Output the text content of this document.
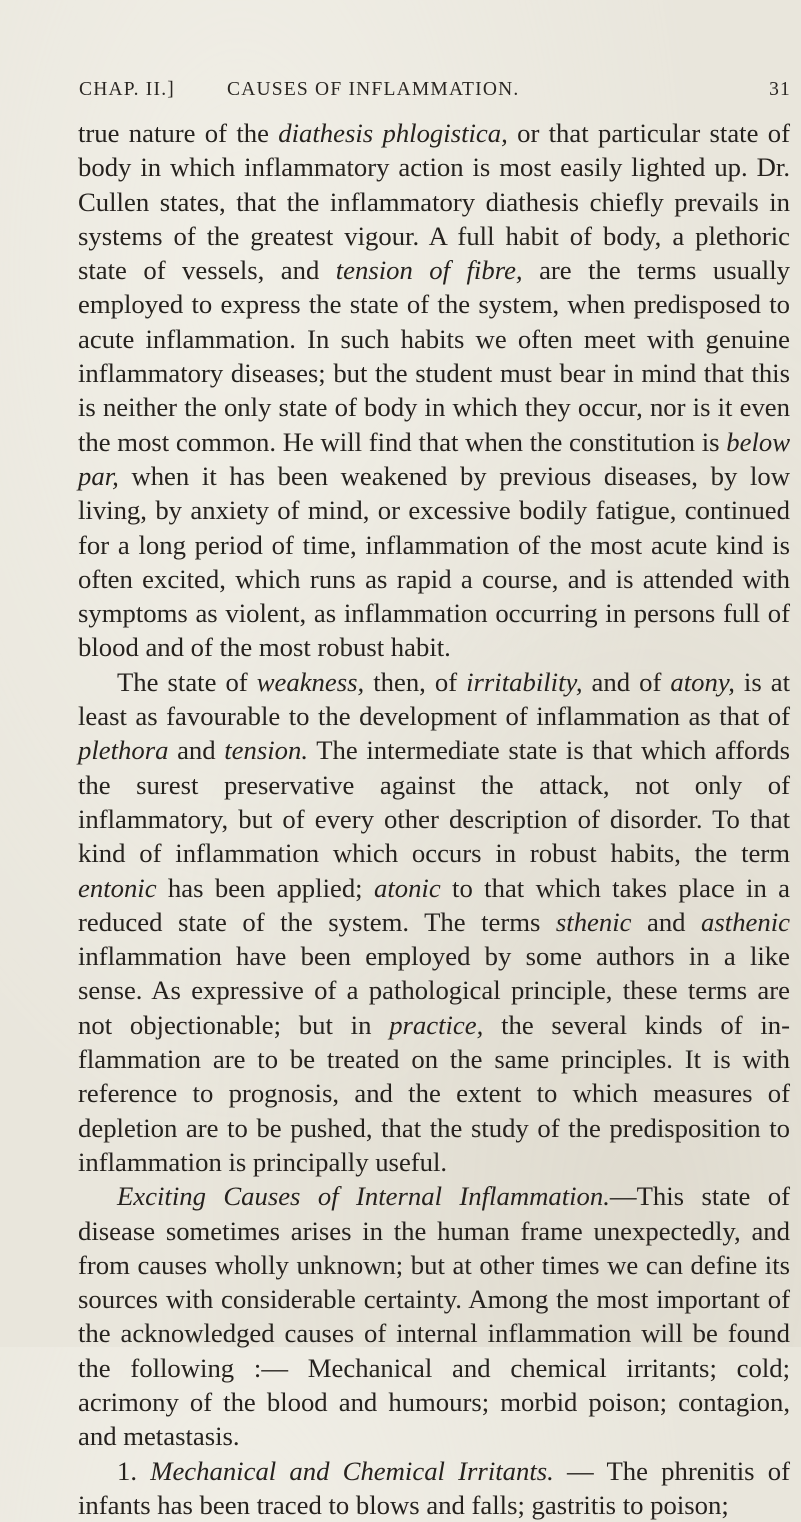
CHAP. II.]	CAUSES OF INFLAMMATION.	31

true nature of the diathesis phlogistica, or that particular state of body in which inflammatory action is most easily lighted up. Dr. Cullen states, that the inflammatory diathesis chiefly prevails in systems of the greatest vigour. A full habit of body, a plethoric state of vessels, and tension of fibre, are the terms usually employed to express the state of the system, when predisposed to acute inflammation. In such habits we often meet with genuine inflammatory diseases; but the student must bear in mind that this is neither the only state of body in which they occur, nor is it even the most common. He will find that when the constitution is below par, when it has been weakened by previous diseases, by low living, by anxiety of mind, or excessive bodily fatigue, continued for a long period of time, inflammation of the most acute kind is often excited, which runs as rapid a course, and is attended with symptoms as violent, as inflammation occurring in persons full of blood and of the most robust habit.

The state of weakness, then, of irritability, and of atony, is at least as favourable to the development of inflammation as that of plethora and tension. The intermediate state is that which affords the surest preservative against the attack, not only of inflammatory, but of every other description of disorder. To that kind of inflammation which occurs in robust habits, the term entonic has been applied; atonic to that which takes place in a reduced state of the system. The terms sthenic and asthenic inflammation have been employed by some authors in a like sense. As expressive of a pathological principle, these terms are not objectionable; but in practice, the several kinds of inflammation are to be treated on the same principles. It is with reference to prognosis, and the extent to which measures of depletion are to be pushed, that the study of the predisposition to inflammation is principally useful.

Exciting Causes of Internal Inflammation.—This state of disease sometimes arises in the human frame unexpectedly, and from causes wholly unknown; but at other times we can define its sources with considerable certainty. Among the most important of the acknowledged causes of internal inflammation will be found the following :— Mechanical and chemical irritants; cold; acrimony of the blood and humours; morbid poison; contagion, and metastasis.

1. Mechanical and Chemical Irritants. — The phrenitis of infants has been traced to blows and falls; gastritis to poison;
